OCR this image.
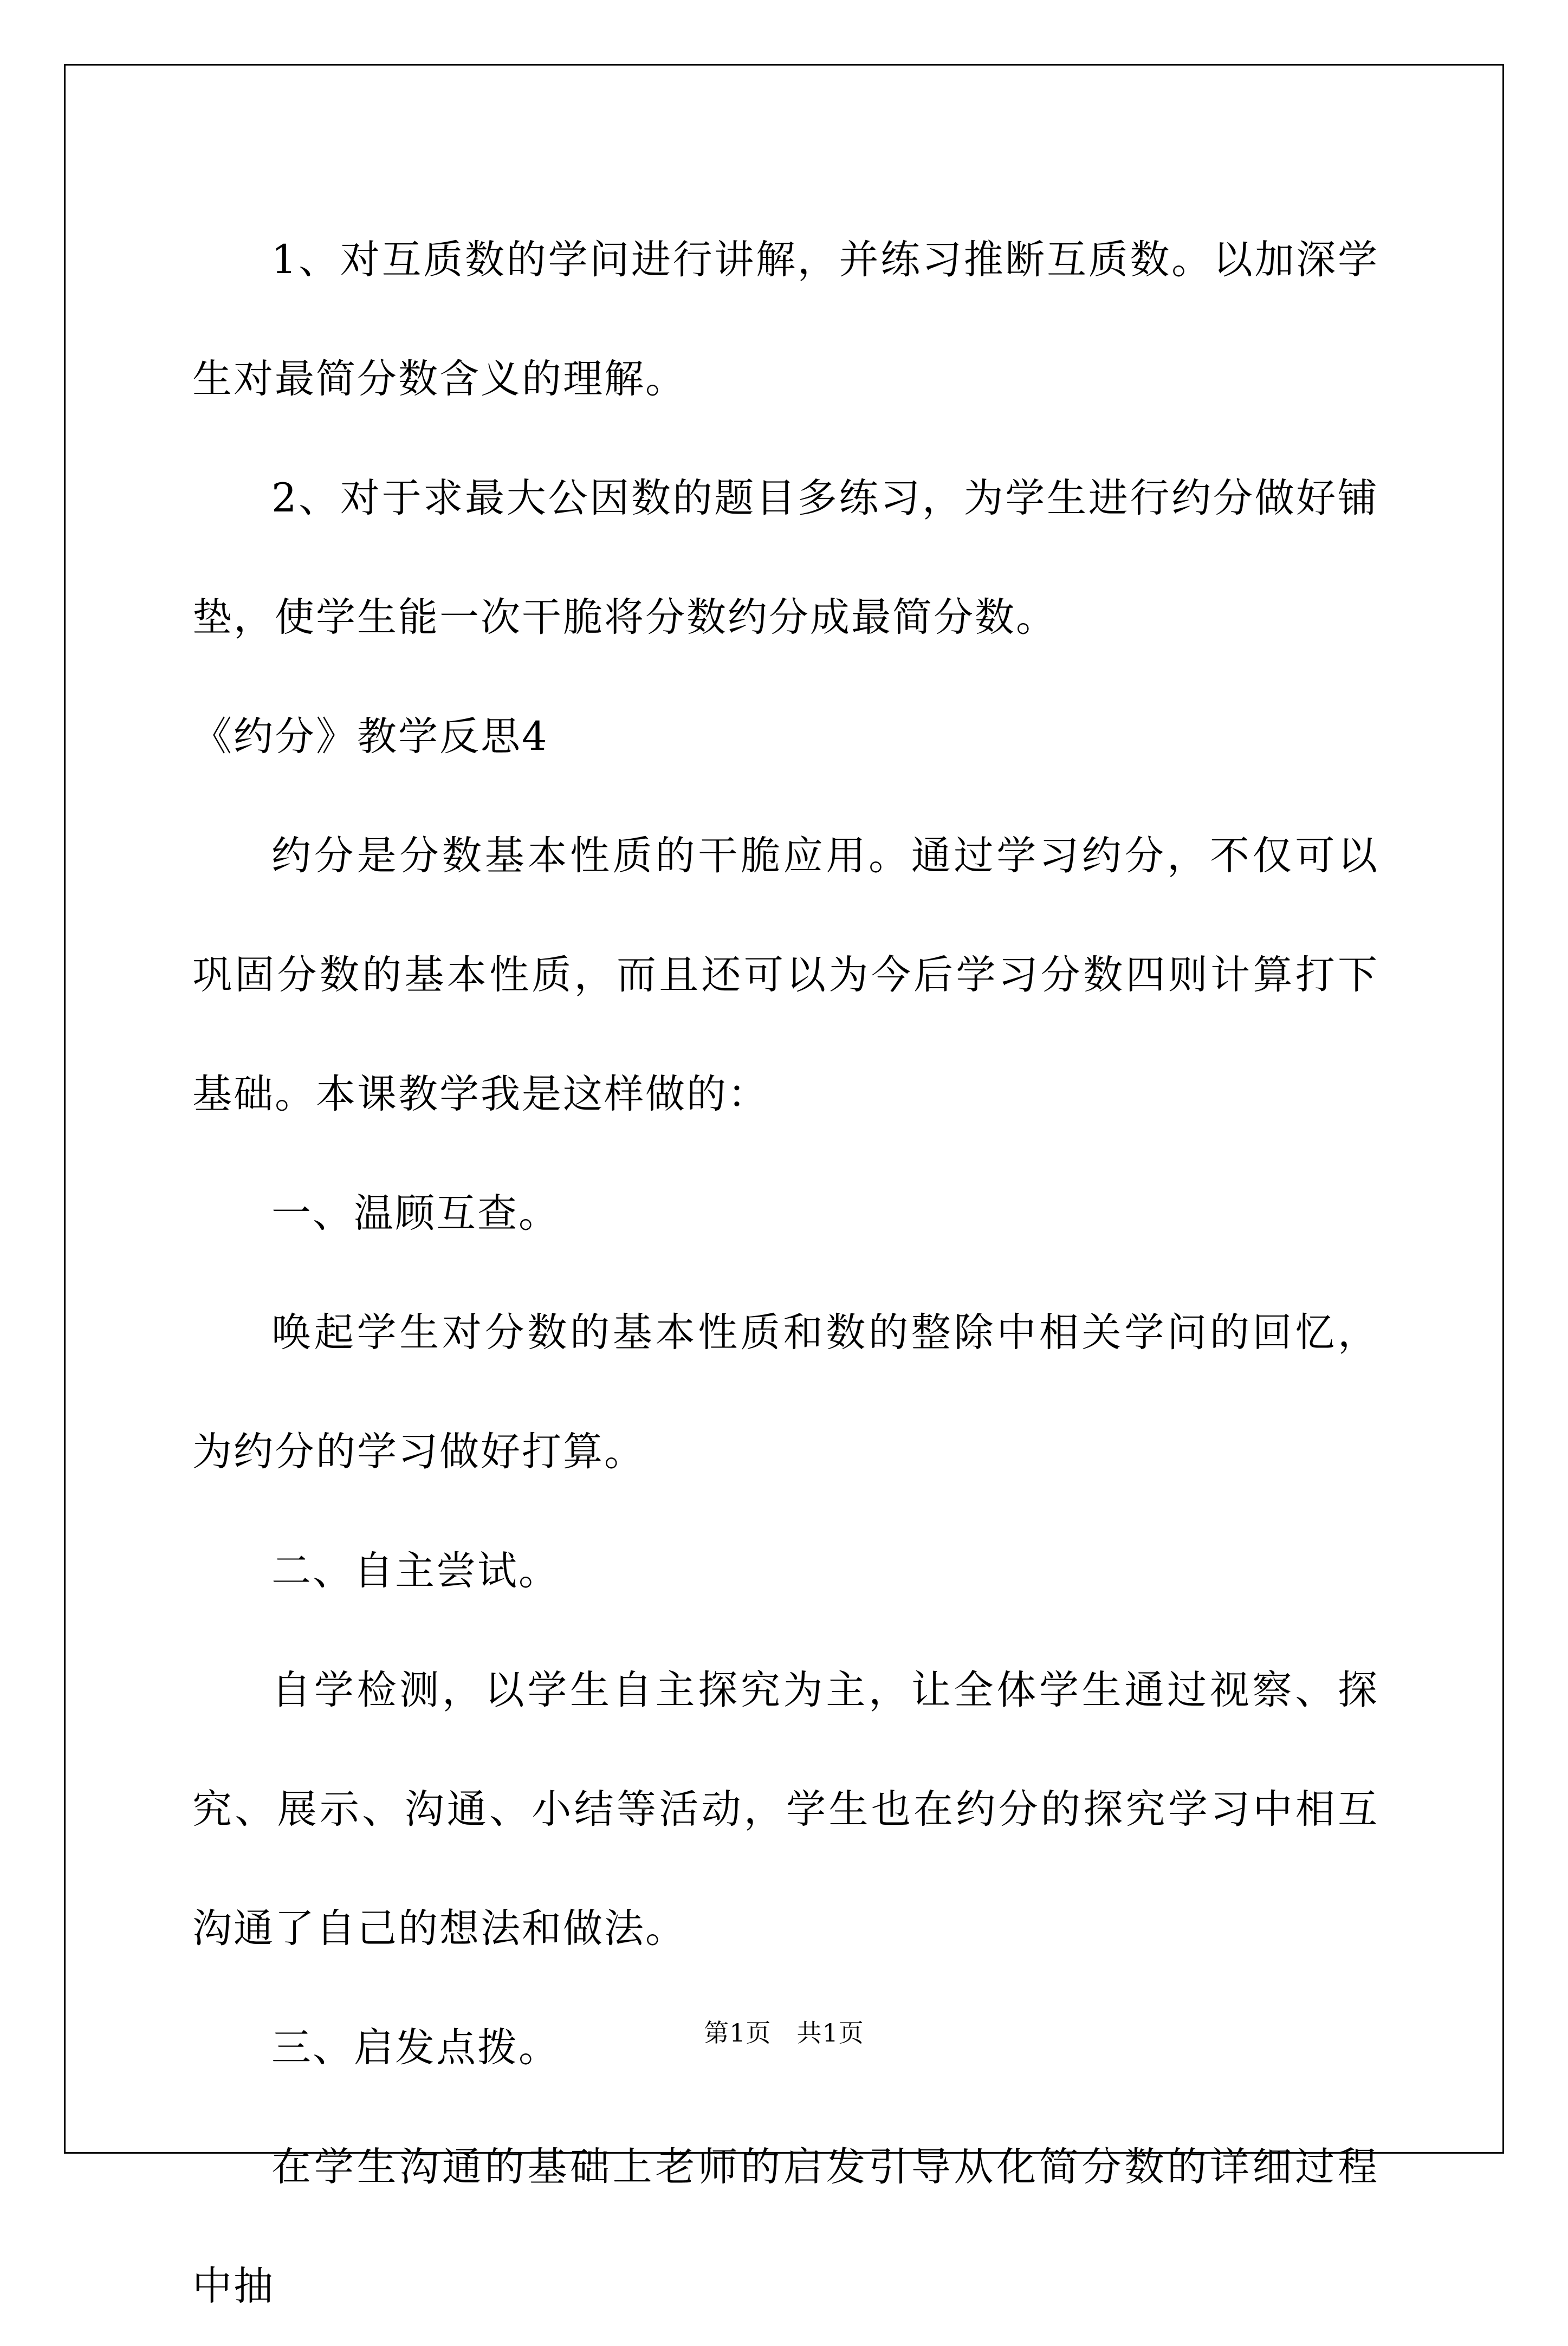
1、对互质数的学问进行讲解，并练习推断互质数。以加深学生对最简分数含义的理解。

2、对于求最大公因数的题目多练习，为学生进行约分做好铺垫，使学生能一次干脆将分数约分成最简分数。

《约分》教学反思4

约分是分数基本性质的干脆应用。通过学习约分，不仅可以巩固分数的基本性质，而且还可以为今后学习分数四则计算打下基础。本课教学我是这样做的：

一、温顾互查。

唤起学生对分数的基本性质和数的整除中相关学问的回忆，为约分的学习做好打算。

二、自主尝试。

自学检测，以学生自主探究为主，让全体学生通过视察、探究、展示、沟通、小结等活动，学生也在约分的探究学习中相互沟通了自己的想法和做法。

三、启发点拨。

在学生沟通的基础上老师的启发引导从化简分数的详细过程中抽

第1页　共1页
